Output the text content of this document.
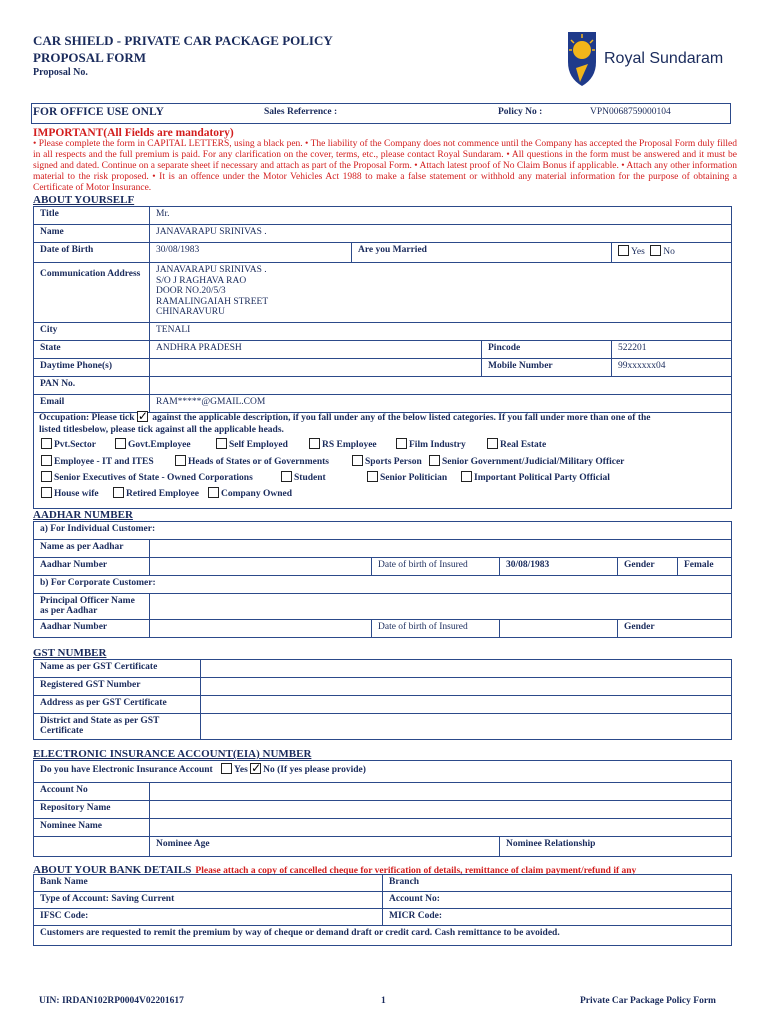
CAR SHIELD - PRIVATE CAR PACKAGE POLICY
PROPOSAL FORM
Proposal No.
Royal Sundaram
FOR OFFICE USE ONLY	Sales Referrence :	Policy No :	VPN0068759000104
IMPORTANT(All Fields are mandatory)
• Please complete the form in CAPITAL LETTERS, using a black pen. • The liability of the Company does not commence until the Company has accepted the Proposal Form duly filled in all respects and the full premium is paid. For any clarification on the cover, terms, etc., please contact Royal Sundaram. • All questions in the form must be answered and it must be signed and dated. Continue on a separate sheet if necessary and attach as part of the Proposal Form. • Attach latest proof of No Claim Bonus if applicable. • Attach any other information material to the risk proposed. • It is an offence under the Motor Vehicles Act 1988 to make a false statement or withhold any material information for the purpose of obtaining a Certificate of Motor Insurance.
ABOUT YOURSELF
Title	Mr.			
Name	JANAVARAPU SRINIVAS .			
Date of Birth	30/08/1983	Are you Married		Yes No
Communication Address	JANAVARAPU SRINIVAS .
S/O J RAGHAVA RAO
DOOR NO.20/5/3
RAMALINGAIAH STREET
CHINARAVURU			

City	TENALI			
State	ANDHRA PRADESH		Pincode	522201
Daytime Phone(s)			Mobile Number	99xxxxxx04
PAN No.				
Email	RAM*****@GMAIL.COM			

Occupation: Please tick ✓ against the applicable description, if you fall under any of the below listed categories. If you fall under more than one of the
listed titlesbelow, please tick against all the applicable heads.
Pvt.Sector	Govt.Employee	Self Employed	RS Employee	Film Industry	Real Estate
Employee - IT and ITES	Heads of States or of Governments	Sports Person	Senior Government/Judicial/Military Officer
Senior Executives of State - Owned Corporations	Student	Senior Politician	Important Political Party Official
House wife	Retired Employee	Company Owned
AADHAR NUMBER
a) For Individual Customer:					
Name as per Aadhar					
Aadhar Number		Date of birth of Insured	30/08/1983	Gender	Female
b) For Corporate Customer:					
Principal Officer Name as per Aadhar					
Aadhar Number		Date of birth of Insured		Gender	
GST NUMBER
Name as per GST Certificate	
Registered GST Number	
Address as per GST Certificate	
District and State as per GST Certificate	
ELECTRONIC INSURANCE ACCOUNT(EIA) NUMBER
Do you have Electronic Insurance Account Yes ✓ No (If yes please provide)
Account No		
Repository Name		
Nominee Name		
	Nominee Age	Nominee Relationship
ABOUT YOUR BANK DETAILS Please attach a copy of cancelled cheque for verification of details, remittance of claim payment/refund if any
Bank Name	Branch
Type of Account: Saving Current	Account No:
IFSC Code:	MICR Code:
Customers are requested to remit the premium by way of cheque or demand draft or credit card. Cash remittance to be avoided.	
UIN: IRDAN102RP0004V02201617	1	Private Car Package Policy Form
